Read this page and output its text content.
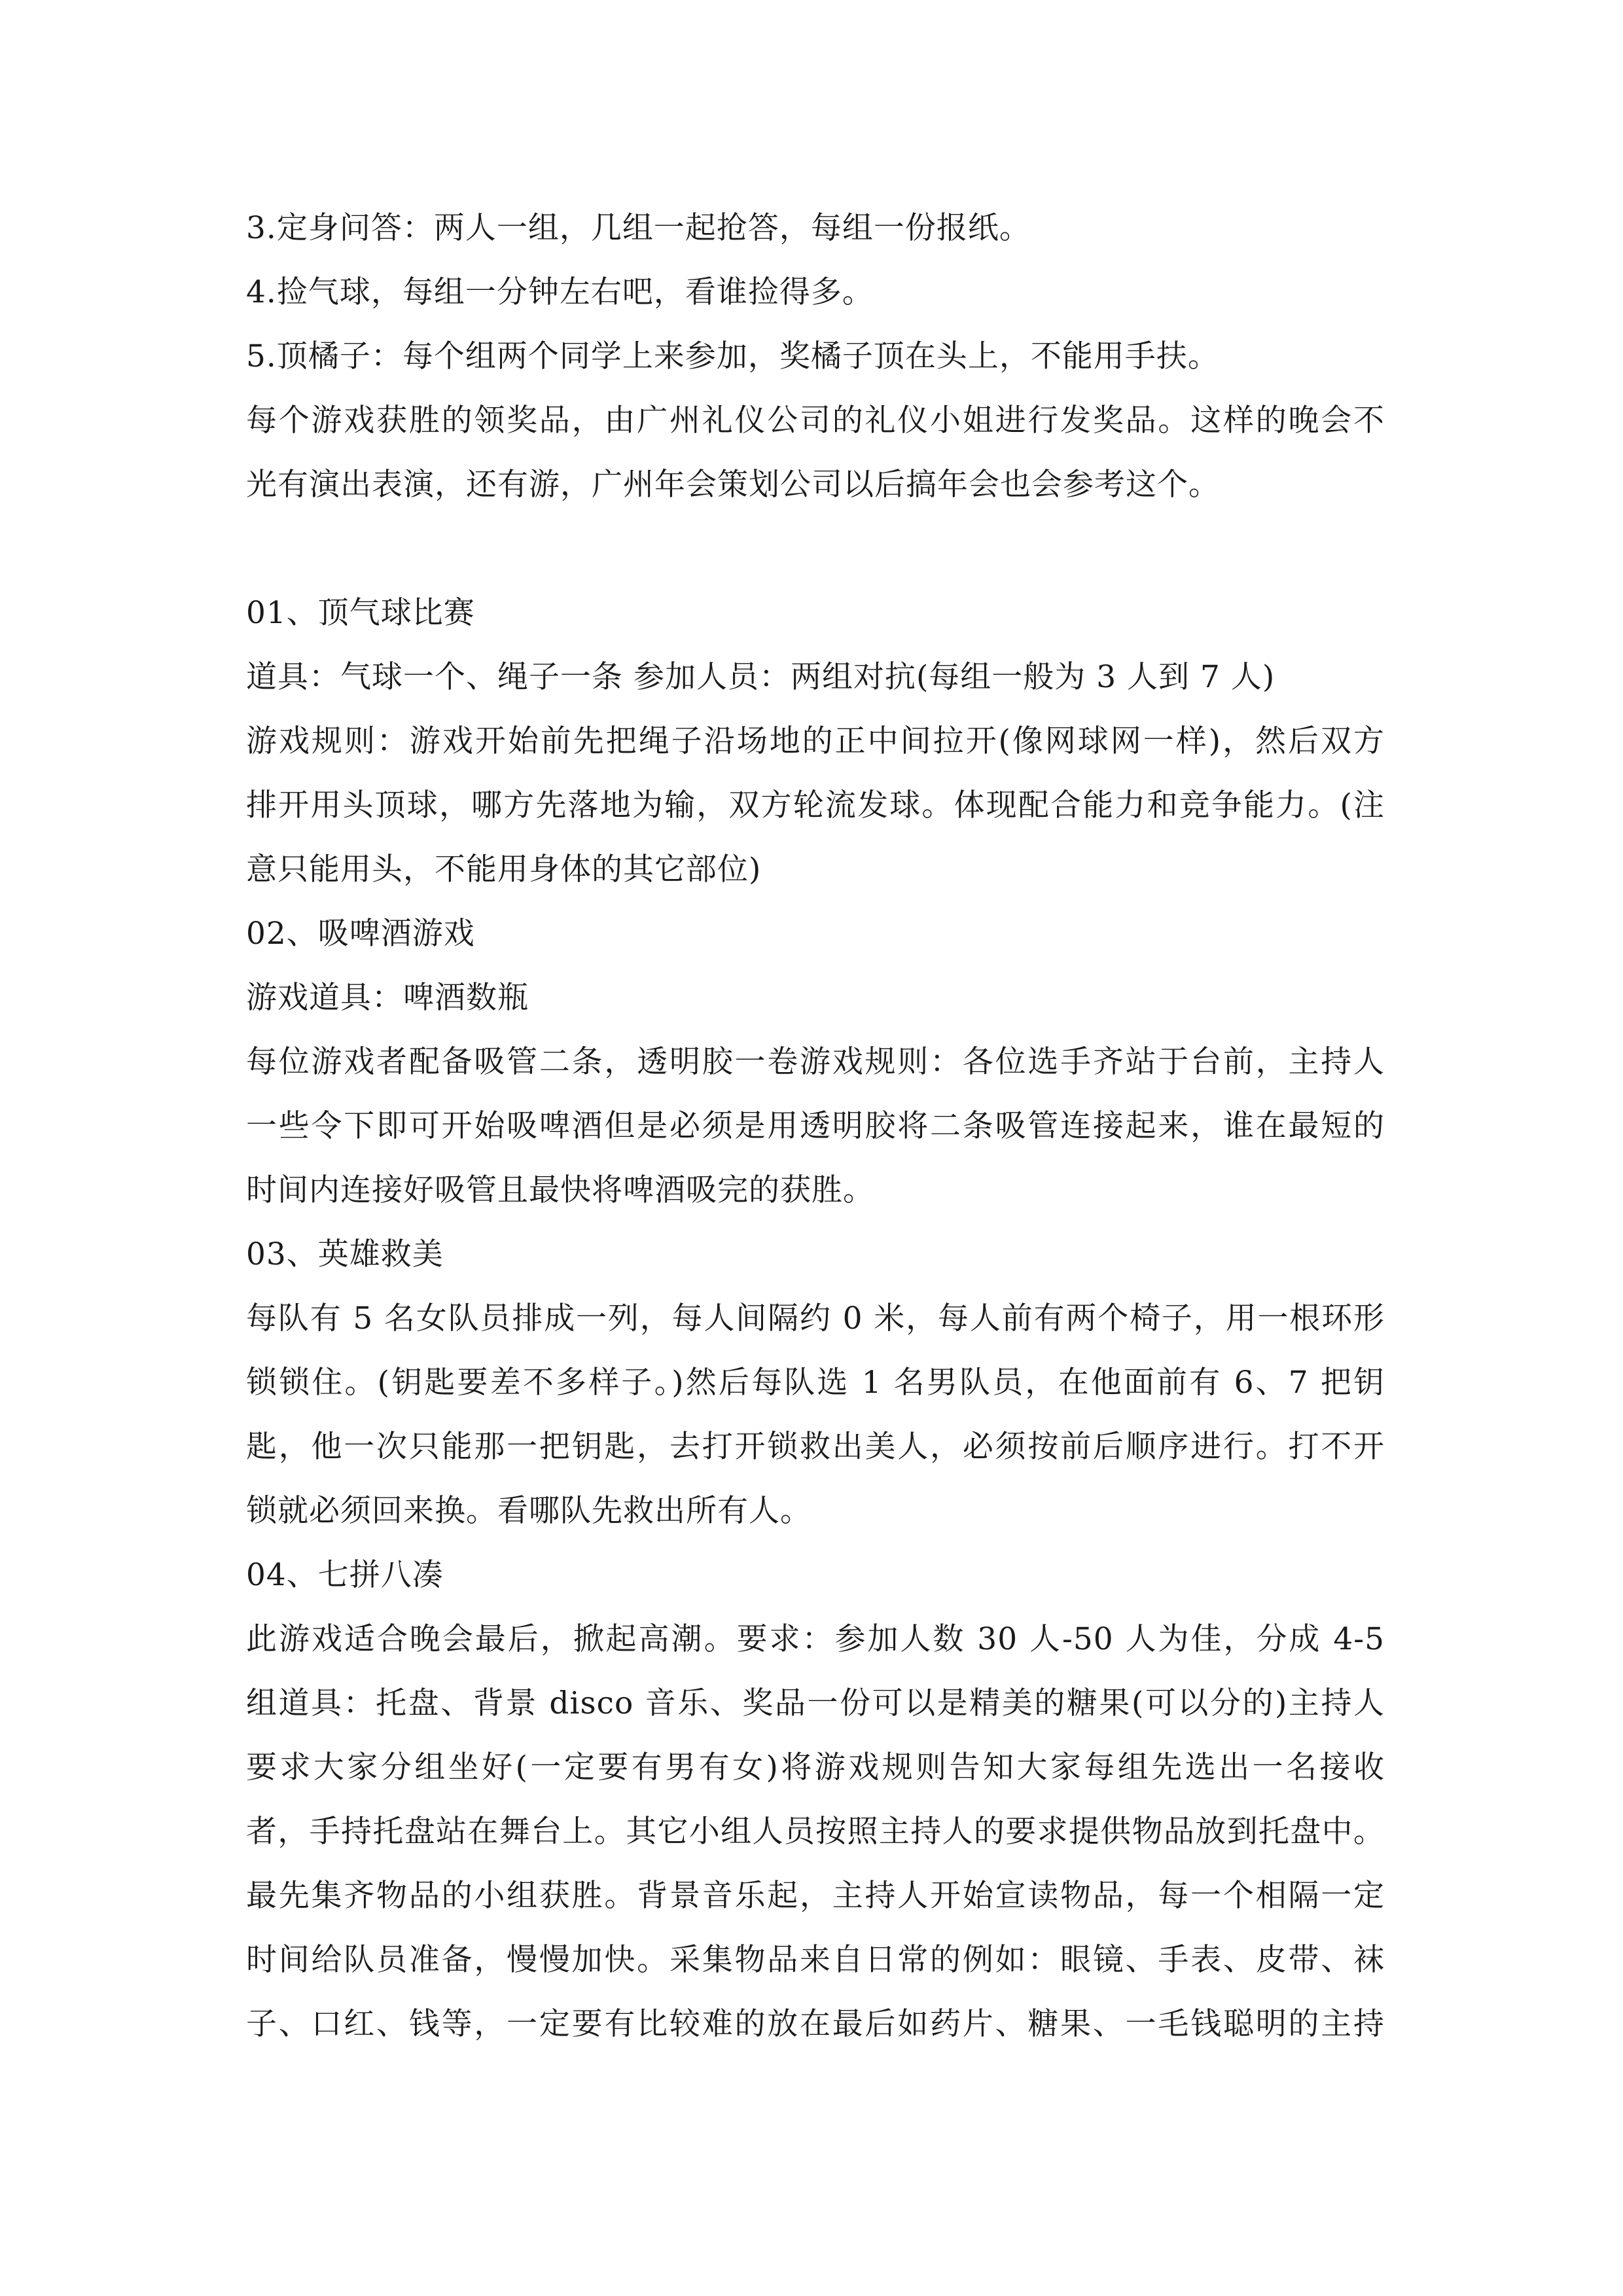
3.定身问答：两人一组，几组一起抢答，每组一份报纸。
4.捡气球，每组一分钟左右吧，看谁捡得多。
5.顶橘子：每个组两个同学上来参加，奖橘子顶在头上，不能用手扶。
每个游戏获胜的领奖品，由广州礼仪公司的礼仪小姐进行发奖品。这样的晚会不
光有演出表演，还有游，广州年会策划公司以后搞年会也会参考这个。
01、顶气球比赛
道具：气球一个、绳子一条 参加人员：两组对抗(每组一般为 3 人到 7 人)
游戏规则：游戏开始前先把绳子沿场地的正中间拉开(像网球网一样)，然后双方
排开用头顶球，哪方先落地为输，双方轮流发球。体现配合能力和竞争能力。(注
意只能用头，不能用身体的其它部位)
02、吸啤酒游戏
游戏道具：啤酒数瓶
每位游戏者配备吸管二条，透明胶一卷游戏规则：各位选手齐站于台前，主持人
一些令下即可开始吸啤酒但是必须是用透明胶将二条吸管连接起来，谁在最短的
时间内连接好吸管且最快将啤酒吸完的获胜。
03、英雄救美
每队有 5 名女队员排成一列，每人间隔约 0 米，每人前有两个椅子，用一根环形
锁锁住。(钥匙要差不多样子。)然后每队选 1 名男队员，在他面前有 6、7 把钥
匙，他一次只能那一把钥匙，去打开锁救出美人，必须按前后顺序进行。打不开
锁就必须回来换。看哪队先救出所有人。
04、七拼八凑
此游戏适合晚会最后，掀起高潮。要求：参加人数 30 人-50 人为佳，分成 4-5
组道具：托盘、背景 disco 音乐、奖品一份可以是精美的糖果(可以分的)主持人
要求大家分组坐好(一定要有男有女)将游戏规则告知大家每组先选出一名接收
者，手持托盘站在舞台上。其它小组人员按照主持人的要求提供物品放到托盘中。
最先集齐物品的小组获胜。背景音乐起，主持人开始宣读物品，每一个相隔一定
时间给队员准备，慢慢加快。采集物品来自日常的例如：眼镜、手表、皮带、袜
子、口红、钱等，一定要有比较难的放在最后如药片、糖果、一毛钱聪明的主持
